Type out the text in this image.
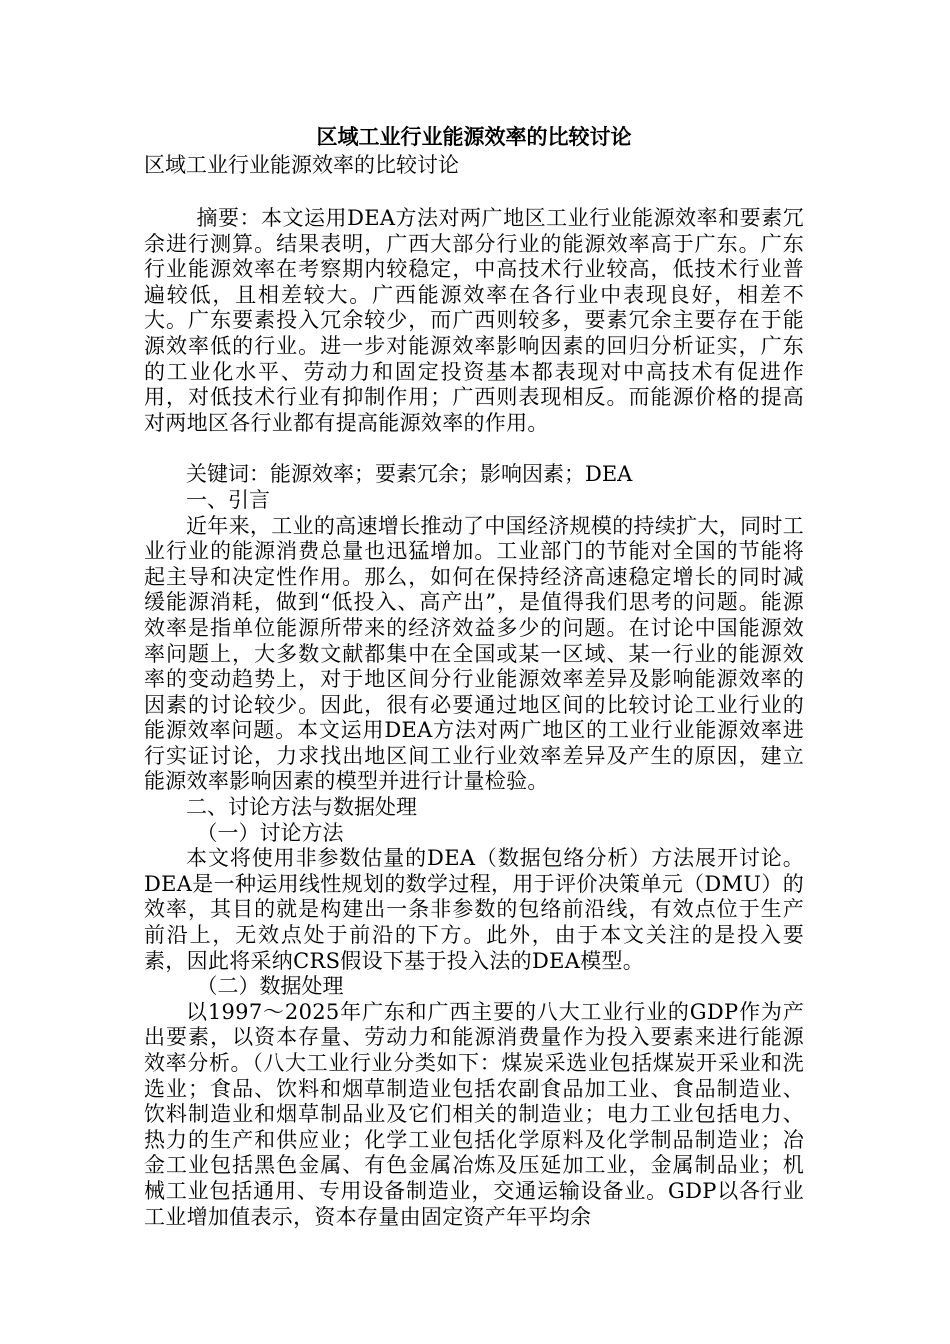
区域工业行业能源效率的比较讨论
区域工业行业能源效率的比较讨论

摘要：本文运用DEA方法对两广地区工业行业能源效率和要素冗余进行测算。结果表明，广西大部分行业的能源效率高于广东。广东行业能源效率在考察期内较稳定，中高技术行业较高，低技术行业普遍较低，且相差较大。广西能源效率在各行业中表现良好，相差不大。广东要素投入冗余较少，而广西则较多，要素冗余主要存在于能源效率低的行业。进一步对能源效率影响因素的回归分析证实，广东的工业化水平、劳动力和固定投资基本都表现对中高技术有促进作用，对低技术行业有抑制作用；广西则表现相反。而能源价格的提高对两地区各行业都有提高能源效率的作用。

关键词：能源效率；要素冗余；影响因素；DEA

一、引言

近年来，工业的高速增长推动了中国经济规模的持续扩大，同时工业行业的能源消费总量也迅猛增加。工业部门的节能对全国的节能将起主导和决定性作用。那么，如何在保持经济高速稳定增长的同时减缓能源消耗，做到“低投入、高产出”，是值得我们思考的问题。能源效率是指单位能源所带来的经济效益多少的问题。在讨论中国能源效率问题上，大多数文献都集中在全国或某一区域、某一行业的能源效率的变动趋势上，对于地区间分行业能源效率差异及影响能源效率的因素的讨论较少。因此，很有必要通过地区间的比较讨论工业行业的能源效率问题。本文运用DEA方法对两广地区的工业行业能源效率进行实证讨论，力求找出地区间工业行业效率差异及产生的原因，建立能源效率影响因素的模型并进行计量检验。

二、讨论方法与数据处理

（一）讨论方法

本文将使用非参数估量的DEA（数据包络分析）方法展开讨论。DEA是一种运用线性规划的数学过程，用于评价决策单元（DMU）的效率，其目的就是构建出一条非参数的包络前沿线，有效点位于生产前沿上，无效点处于前沿的下方。此外，由于本文关注的是投入要素，因此将采纳CRS假设下基于投入法的DEA模型。

（二）数据处理

以1997～2025年广东和广西主要的八大工业行业的GDP作为产出要素，以资本存量、劳动力和能源消费量作为投入要素来进行能源效率分析。（八大工业行业分类如下：煤炭采选业包括煤炭开采业和洗选业；食品、饮料和烟草制造业包括农副食品加工业、食品制造业、饮料制造业和烟草制品业及它们相关的制造业；电力工业包括电力、热力的生产和供应业；化学工业包括化学原料及化学制品制造业；冶金工业包括黑色金属、有色金属冶炼及压延加工业，金属制品业；机械工业包括通用、专用设备制造业，交通运输设备业。GDP以各行业工业增加值表示，资本存量由固定资产年平均余
